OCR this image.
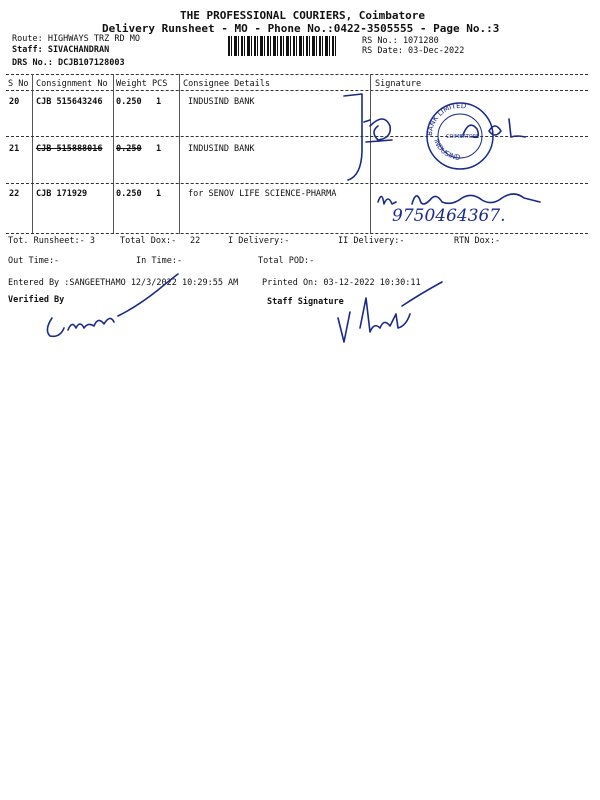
THE PROFESSIONAL COURIERS, Coimbatore
Delivery Runsheet - MO - Phone No.:0422-3505555 - Page No.:3
Route: HIGHWAYS TRZ RD MO
Staff: SIVACHANDRAN
DRS No.: DCJB107128003
RS No.: 1071280
RS Date: 03-Dec-2022
S No Consignment No Weight PCS Consignee Details	Signature
20 CJB 515643246 0.250 1	INDUSIND BANK
21 CJB 515888016 0.250 1	INDUSIND BANK
22 CJB 171929	0.250 1	for SENOV LIFE SCIENCE-PHARMA
BANK LIMITED
INDUSIND
COIMBATORE
9750464367.
Tot. Runsheet:- 3	Total Dox:- 22	I Delivery:-	II Delivery:-	RTN Dox:-
Out Time:-	In Time:-	Total POD:-
Entered By :SANGEETHAMO 12/3/2022 10:29:55 AM	Printed On: 03-12-2022 10:30:11
Verified By	Staff Signature
